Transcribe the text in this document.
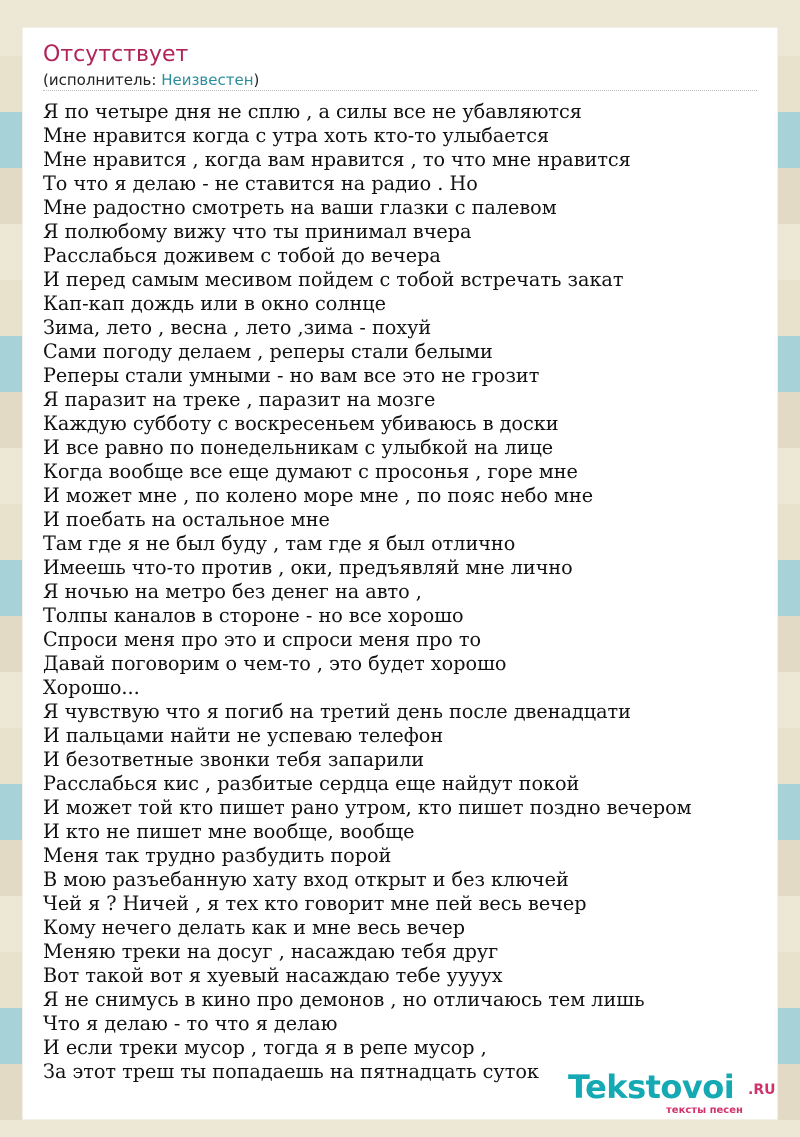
Отсутствует
(исполнитель: Неизвестен)
Я по четыре дня не сплю , а силы все не убавляются
Мне нравится когда с утра хоть кто-то улыбается
Мне нравится , когда вам нравится , то что мне нравится
То что я делаю - не ставится на радио . Но
Мне радостно смотреть на ваши глазки с палевом
Я полюбому вижу что ты принимал вчера
Расслабься доживем с тобой до вечера
И перед самым месивом пойдем с тобой встречать закат
Кап-кап дождь или в окно солнце
Зима, лето , весна , лето ,зима - похуй
Сами погоду делаем , реперы стали белыми
Реперы стали умными - но вам все это не грозит
Я паразит на треке , паразит на мозге
Каждую субботу с воскресеньем убиваюсь в доски
И все равно по понедельникам с улыбкой на лице
Когда вообще все еще думают с просонья , горе мне
И может мне , по колено море мне , по пояс небо мне
И поебать на остальное мне
Там где я не был буду , там где я был отлично
Имеешь что-то против , оки, предъявляй мне лично
Я ночью на метро без денег на авто ,
Толпы каналов в стороне - но все хорошо
Спроси меня про это и спроси меня про то
Давай поговорим о чем-то , это будет хорошо
Хорошо...
Я чувствую что я погиб на третий день после двенадцати
И пальцами найти не успеваю телефон
И безответные звонки тебя запарили
Расслабься кис , разбитые сердца еще найдут покой
И может той кто пишет рано утром, кто пишет поздно вечером
И кто не пишет мне вообще, вообще
Меня так трудно разбудить порой
В мою разъебанную хату вход открыт и без ключей
Чей я ? Ничей , я тех кто говорит мне пей весь вечер
Кому нечего делать как и мне весь вечер
Меняю треки на досуг , насаждаю тебя друг
Вот такой вот я хуевый насаждаю тебе ууууx
Я не снимусь в кино про демонов , но отличаюсь тем лишь
Что я делаю - то что я делаю
И если треки мусор , тогда я в репе мусор ,
За этот треш ты попадаешь на пятнадцать суток Tekstovoi .RU
тексты песен
